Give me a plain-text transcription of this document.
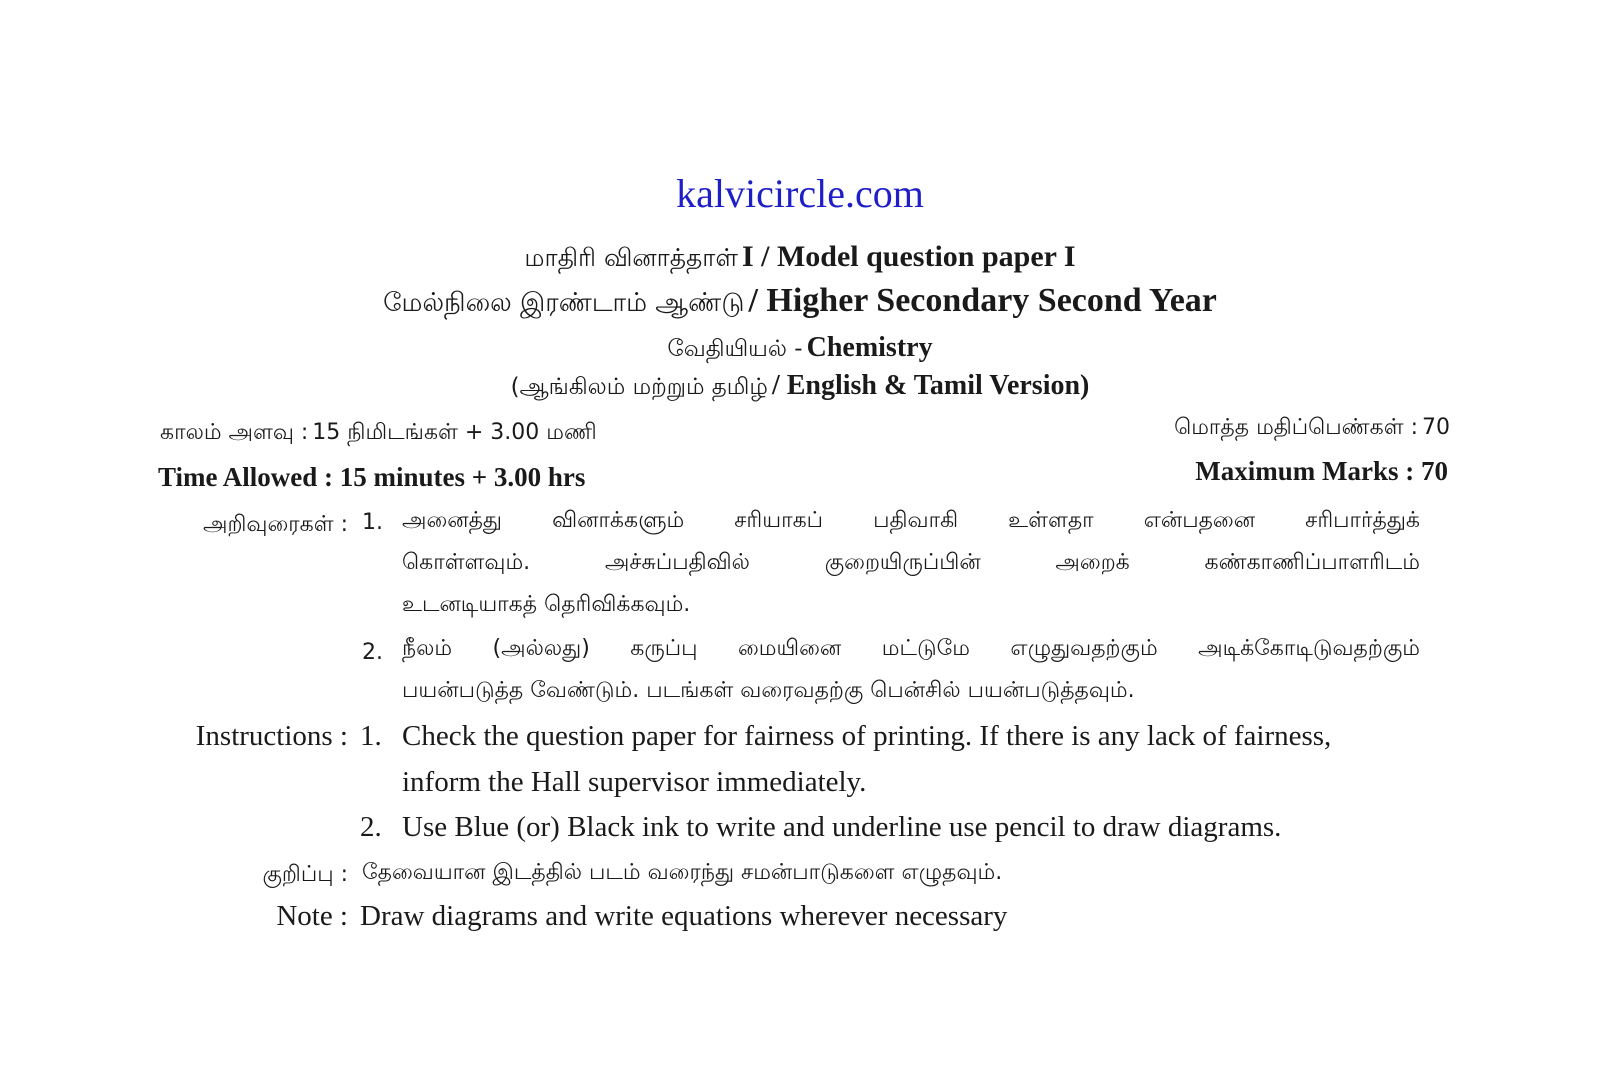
kalvicircle.com
மாதிரி வினாத்தாள் I / Model question paper I
மேல்நிலை இரண்டாம் ஆண்டு / Higher Secondary Second Year
வேதியியல் - Chemistry
(ஆங்கிலம் மற்றும் தமிழ் / English & Tamil Version)
காலம் அளவு : 15 நிமிடங்கள் + 3.00 மணி	மொத்த மதிப்பெண்கள் : 70
Time Allowed : 15 minutes + 3.00 hrs	Maximum Marks : 70
அறிவுரைகள் : 1. அனைத்து வினாக்களும் சரியாகப் பதிவாகி உள்ளதா என்பதனை சரிபார்த்துக்
கொள்ளவும். அச்சுப்பதிவில் குறையிருப்பின் அறைக் கண்காணிப்பாளரிடம்
உடனடியாகத் தெரிவிக்கவும்.
2. நீலம் (அல்லது) கருப்பு மையினை மட்டுமே எழுதுவதற்கும் அடிக்கோடிடுவதற்கும்
பயன்படுத்த வேண்டும். படங்கள் வரைவதற்கு பென்சில் பயன்படுத்தவும்.
Instructions : 1. Check the question paper for fairness of printing. If there is any lack of fairness,
inform the Hall supervisor immediately.
2. Use Blue (or) Black ink to write and underline use pencil to draw diagrams.
குறிப்பு : தேவையான இடத்தில் படம் வரைந்து சமன்பாடுகளை எழுதவும்.
Note : Draw diagrams and write equations wherever necessary
